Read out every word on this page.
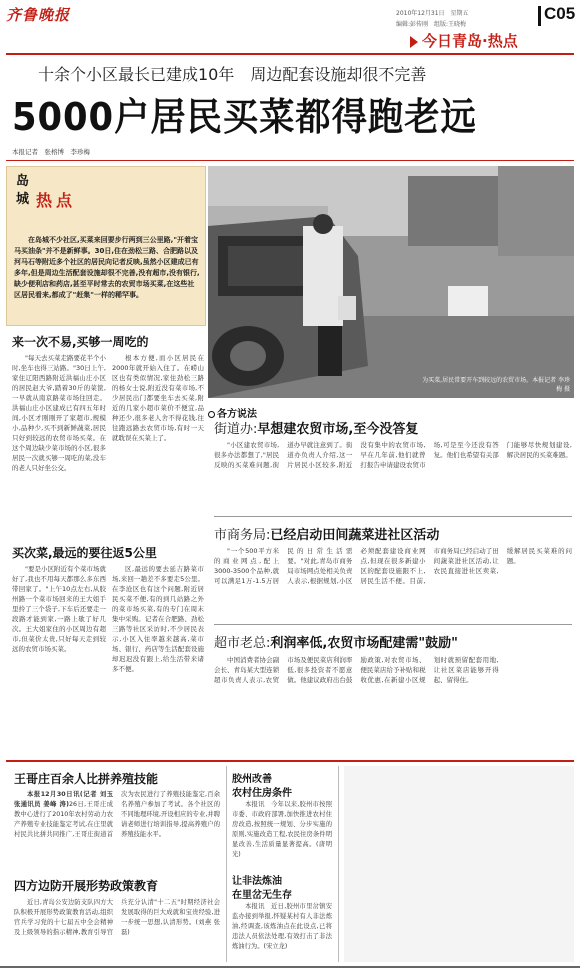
齐鲁晚报	2010年12月31日　星期五
编辑:彭传刚　组版:王晓梅
C05
今日青岛·热点
十余个小区最长已建成10年　周边配套设施却很不完善
5000户居民买菜都得跑老远
本报记者　张榕博　李珍梅
岛
城 热 点
在岛城不少社区,买菜来回要步行两到三公里路,"开着宝马买油条"并不是新鲜事。30日,住在劲松三路、合肥路以及河马石等附近多个社区的居民向记者反映,虽然小区建成已有多年,但是周边生活配套设施却很不完善,没有超市,没有银行,缺少便利店和药店,甚至平时常去的农贸市场买菜,在这些社区居民看来,都成了"赶集"一样的稀罕事。
为买菜,居民常要开车到较远的农贸市场。本报记者 李珍梅 摄
来一次不易,买够一周吃的
"每天去买菜走路要花半个小时,坐车也得三站路。"30日上午,家住辽阳西路附近洪福山庄小区的居民赵大爷,踏着30斤的菜筐,一早就从南京路菜市场往回走。洪福山庄小区建成已有四五年时间,小区才刚刚开了家超市,规模小,品种少,买不到新鲜蔬菜,居民只好到较远的农贸市场买菜。在这个周边缺少菜市场的小区,很多居民一次就买够一周吃的菜,没车的老人只好坐公交。
根本方便,而小区居民在2000年就开始入住了。在崂山区也有类似情况,家住劲松三路的杨女士说,附近没有菜市场,不少居民出门都要坐车去买菜,附近的几家小超市菜价不便宜,品种还少,很多老人舍不得花钱,往往跑远路去农贸市场,有时一天就耽误在买菜上了。
买次菜,最远的要往返5公里
"要是小区附近有个菜市场就好了,我也不用每天都那么多东西带回家了。"上午10点左右,从胶州路一个菜市场回来的王大姐手里拎了三个袋子,下车后还要走一段路才能到家,一路上歇了好几次。王大姐家住的小区周边有超市,但菜价太贵,只好每天走到较远的农贸市场买菜。
区,最远的要去延吉路菜市场,来回一趟差不多要走5公里。在李沧区也有这个问题,附近居民买菜不便,有的到几站路之外的菜市场买菜,有的专门在周末集中采购。记者在合肥路、劲松三路等社区采访时,不少居民表示,小区入住率越来越高,菜市场、银行、药店等生活配套设施却迟迟没有跟上,给生活带来诸多不便。
各方说法
街道办:早想建农贸市场,至今没答复
"小区建农贸市场,很多办法都想了,"居民反映的买菜难问题,街道办早就注意到了。街道办负责人介绍,这一片居民小区较多,附近没有集中的农贸市场,早在几年前,他们就曾打报告申请建设农贸市场,可是至今还没有答复。他们也希望有关部门能够尽快规划建设,解决居民的买菜难题。
市商务局:已经启动田间蔬菜进社区活动
"一个500平方米的商业网点,配上3000-3500个品种,就可以满足1万-1.5万居民的日常生活需要。"对此,青岛市商务局市场网点处相关负责人表示,根据规划,小区必须配套建设商业网点,但现在很多新建小区的配套设施跟不上,居民生活不便。目前,市商务局已经启动了田间蔬菜进社区活动,让农民直接进社区卖菜,缓解居民买菜难的问题。
超市老总:利润率低,农贸市场配建需"鼓励"
中国消费者协会副会长、青岛某大型连锁超市负责人表示,农贸市场及便民菜店利润率低,很多投资者不愿意做。他建议政府出台鼓励政策,对农贸市场、便民菜店给予补贴和税收优惠,在新建小区规划时就预留配套用地,让社区菜店能够开得起、留得住。
王哥庄百余人比拼养殖技能
本报12月30日讯(记者 刘玉 张通讯员 姜峰 涛)26日,王哥庄成教中心进行了2010年农村劳动力农产养殖专业技能鉴定考试,在庄里就村民共比拼共同推广,王哥庄街道首次为农民进行了养殖技能鉴定,百余名养殖户参加了考试。各个社区的不同地理环境,开设相应的专业,并聘请老师进行培训指导,提高养殖户的养殖技能水平。
四方边防开展形势政策教育
近日,青岛公安边防支队四方大队积极开展形势政策教育活动,组织官兵学习党的十七届五中全会精神及上级领导的指示精神,教育引导官兵充分认清"十二五"时期经济社会发展取得的巨大成就和宝贵经验,进一步统一思想,认清形势。(刘燕 张磊)
胶州改善
农村住房条件
本报讯　今年以来,胶州市按照市委、市政府部署,加快推进农村住房改造,按照统一规划、分步实施的原则,实施改造工程,农民住房条件明显改善,生活质量显著提高。(唐明光)
让非法炼油
在里岔无生存
本报讯　近日,胶州市里岔镇安监办接到举报,怀疑某村有人非法炼油,经调查,该炼油点在此设点,已将违法人员依法处理,有效打击了非法炼油行为。(宋立龙)
